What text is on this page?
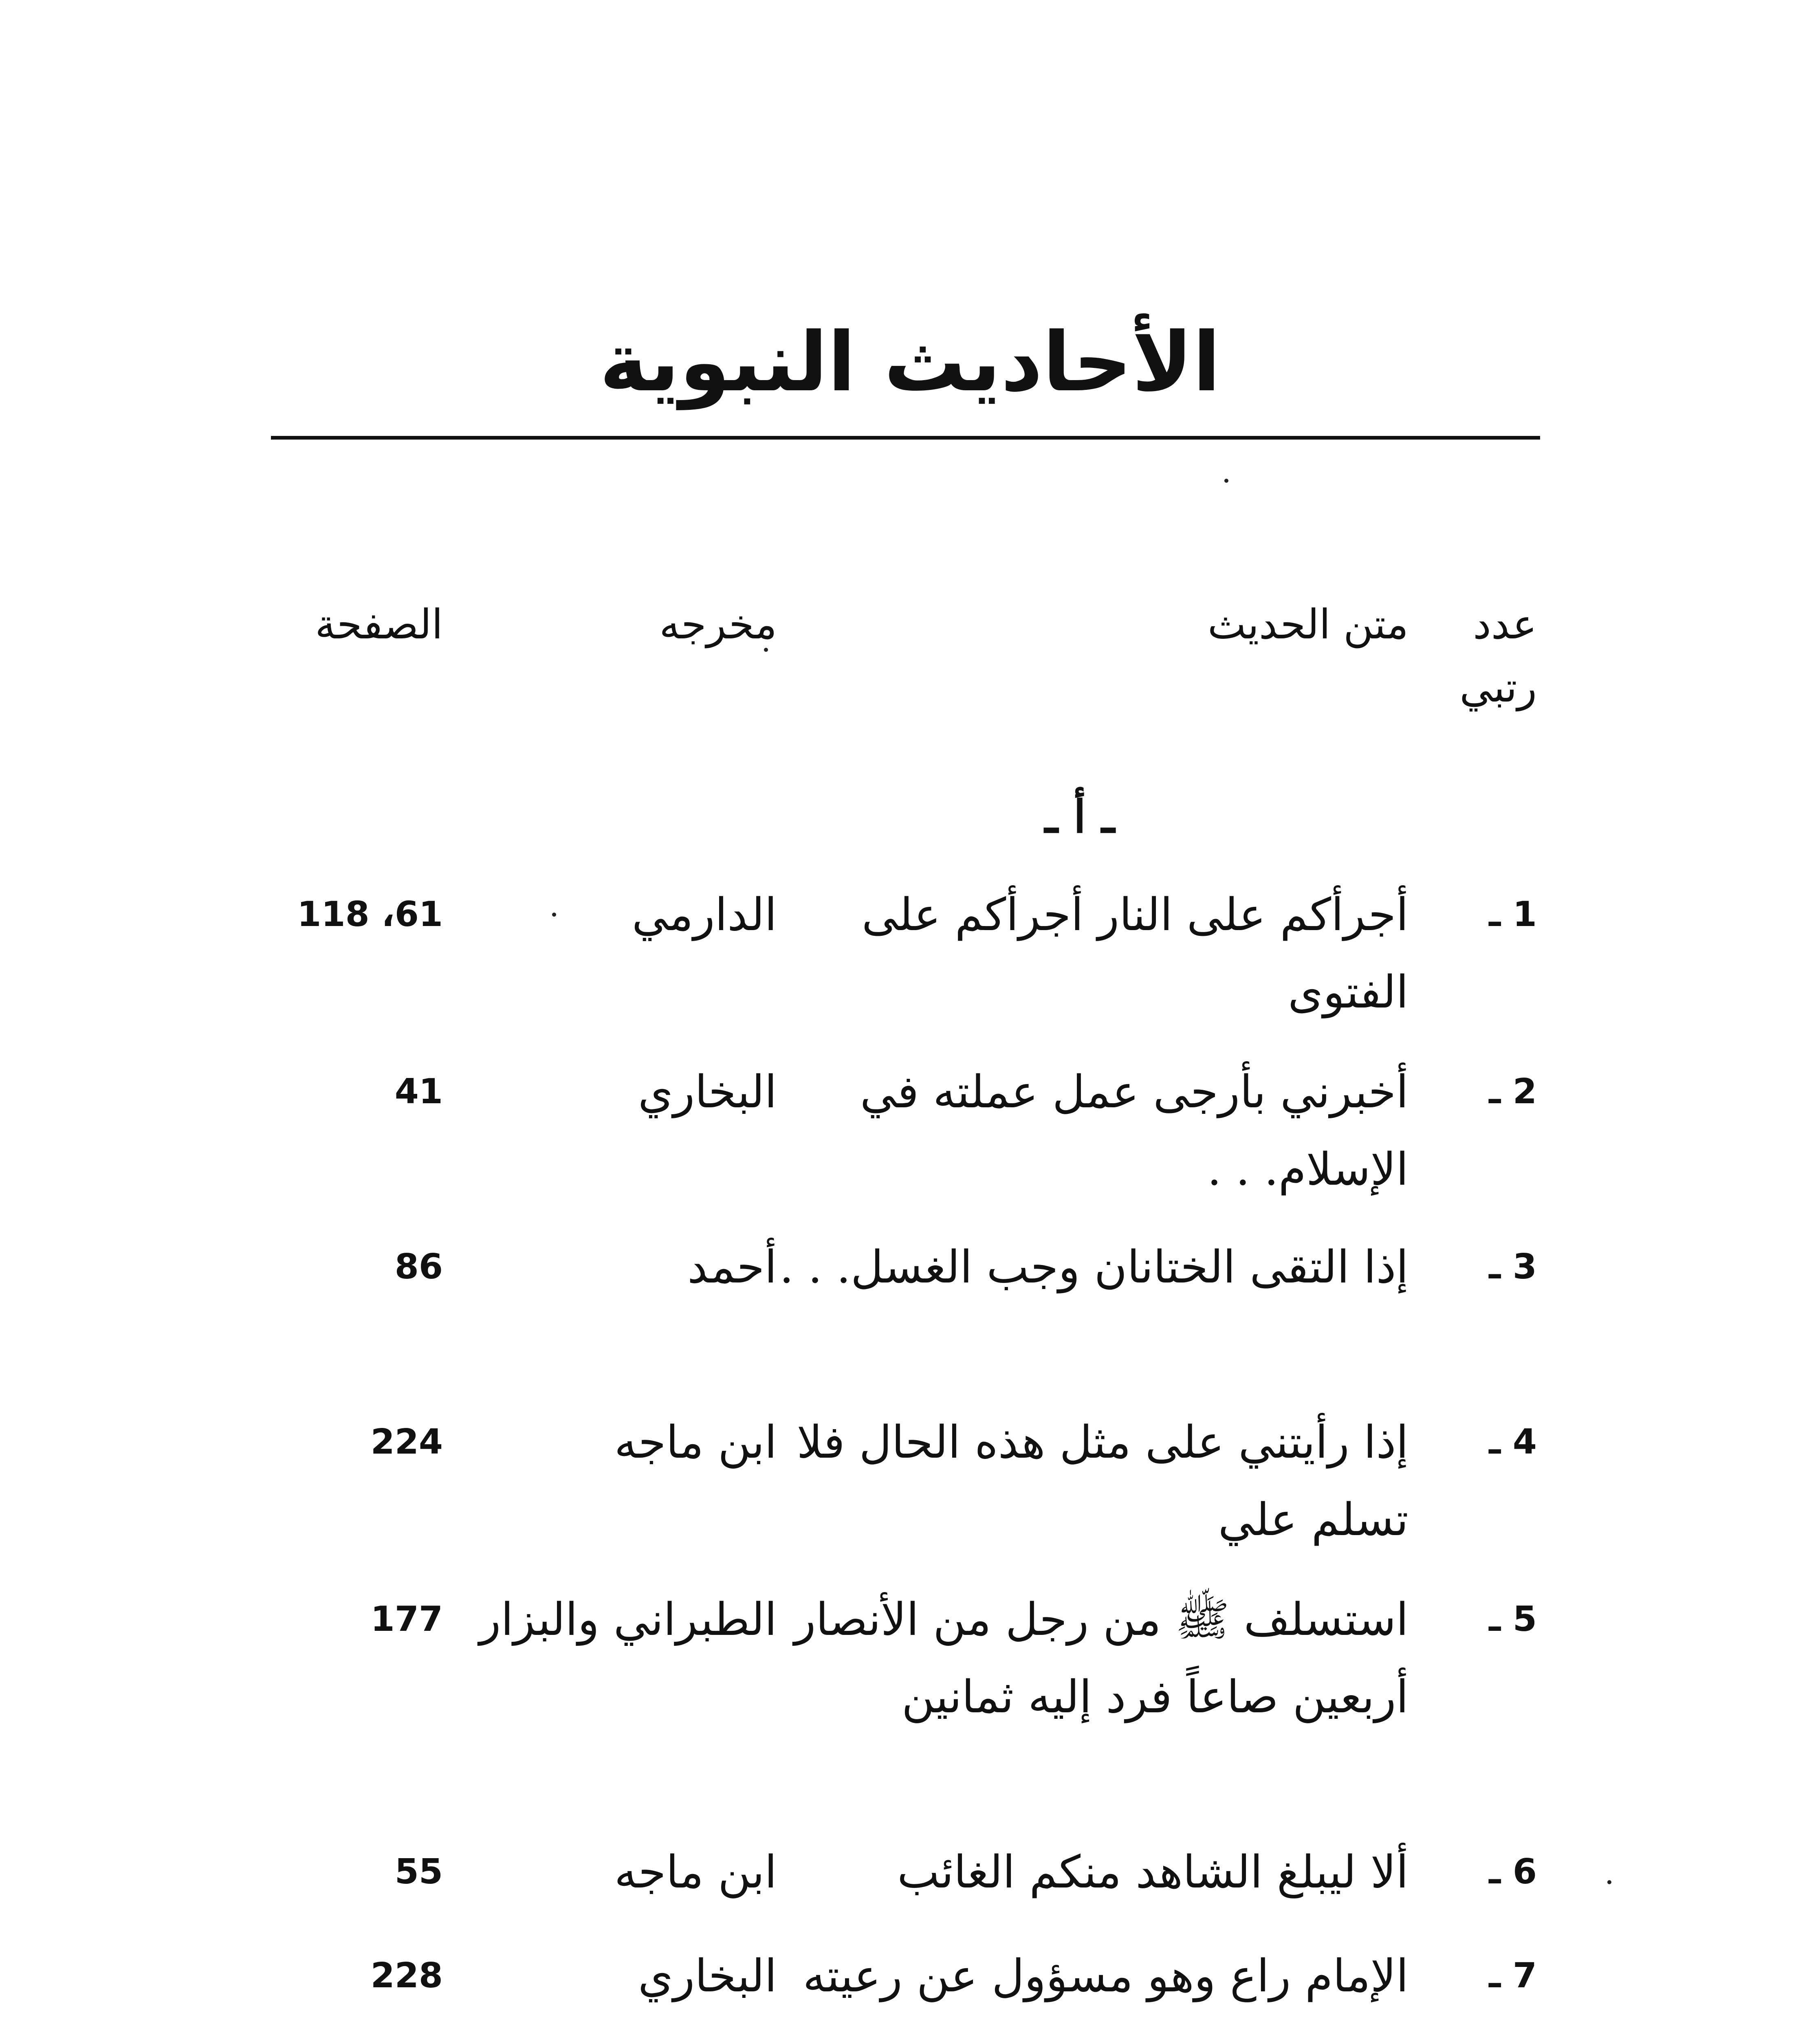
الأحاديث النبوية
عدد
رتبي
متن الحديث
مخرجه
الصفحة
ـ أ ـ
1 ـ
أجرأكم على النار أجرأكم على الفتوى
الدارمي
118 ،61
2 ـ
أخبرني بأرجى عمل عملته في الإسلام. . .
البخاري
41
3 ـ
إذا التقى الختانان وجب الغسل. . .
أحمد
86
4 ـ
إذا رأيتني على مثل هذه الحال فلا تسلم علي
ابن ماجه
224
5 ـ
استسلف ﷺ من رجل من الأنصار أربعين صاعاً فرد إليه ثمانين
الطبراني والبزار
177
6 ـ
ألا ليبلغ الشاهد منكم الغائب
ابن ماجه
55
7 ـ
الإمام راع وهو مسؤول عن رعيته
البخاري
228
